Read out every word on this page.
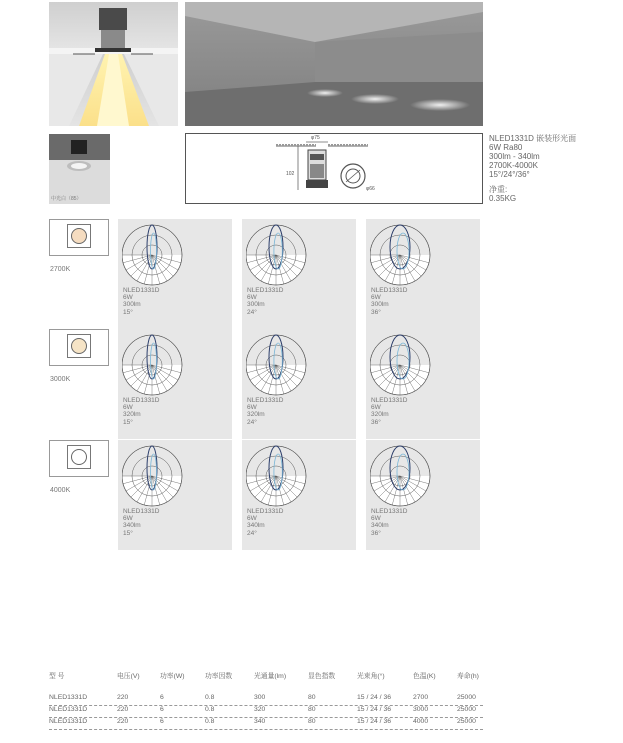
中光白（85）
φ75
102
φ66
NLED1331D 嵌装形光面
6W Ra80
300lm - 340lm
2700K-4000K
15°/24°/36°
净重:
0.35KG
2700K
3000K
4000K
NLED1331D
6W
300lm
15°
NLED1331D
6W
300lm
24°
NLED1331D
6W
300lm
36°
NLED1331D
6W
320lm
15°
NLED1331D
6W
320lm
24°
NLED1331D
6W
320lm
36°
NLED1331D
6W
340lm
15°
NLED1331D
6W
340lm
24°
NLED1331D
6W
340lm
36°
型 号	电压(V)	功率(W)	功率因数	光通量(lm)	显色指数	光束角(°)	色温(K)	寿命(h)
NLED1331D	220	6	0.8	300	80	15 / 24 / 36	2700	25000
NLED1331D	220	6	0.8	320	80	15 / 24 / 36	3000	25000
NLED1331D	220	6	0.8	340	80	15 / 24 / 36	4000	25000
